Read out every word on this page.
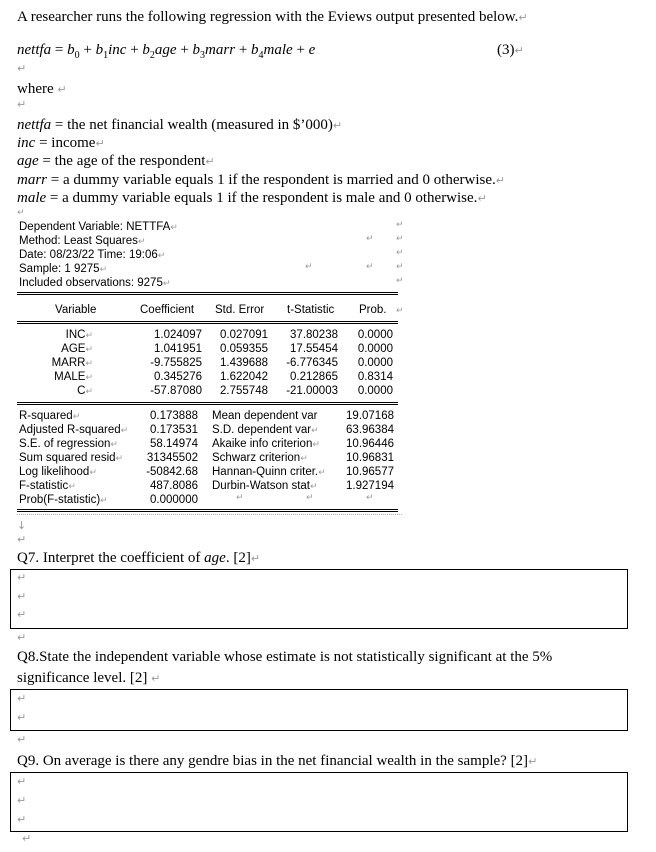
A researcher runs the following regression with the Eviews output presented below.↵
nettfa = $b_0 + b_1inc + b_2age$ + $b_3marr$ + $b_4male + e$	(3)↵
↵
where ↵
↵
nettfa = the net financial wealth (measured in $’000)↵
inc = income↵
age = the age of the respondent↵
marr = a dummy variable equals 1 if the respondent is married and 0 otherwise.↵
male = a dummy variable equals 1 if the respondent is male and 0 otherwise.↵
↵
Dependent Variable: NETTFA↵
Method: Least Squares↵
Date: 08/23/22 Time: 19:06↵
Sample: 1 9275↵
Included observations: 9275↵
↵
↵
↵
↵
↵
↵
↵
↵
Variable	Coefficient Std. Error t-Statistic Prob. ↵
INC↵	1.024097	0.027091	37.80238	0.0000
AGE↵	1.041951	0.059355	17.55454	0.0000
MARR↵	-9.755825	1.439688	-6.776345	0.0000
MALE↵	0.345276	1.622042	0.212865	0.8314
C↵	-57.87080	2.755748	-21.00003	0.0000
R-squared↵	0.173888 Mean dependent var	19.07168
Adjusted R-squared↵	0.173531 S.D. dependent var↵	63.96384
S.E. of regression↵	58.14974 Akaike info criterion↵	10.96446
Sum squared resid↵	31345502 Schwarz criterion↵	10.96831
Log likelihood↵	-50842.68 Hannan-Quinn criter.↵	10.96577
F-statistic↵	487.8086 Durbin-Watson stat↵	1.927194
Prob(F-statistic)↵	0.000000	↵	↵	↵
↓
↵
Q7. Interpret the coefficient of age. [2]↵
↵
↵
↵
↵
Q8.State the independent variable whose estimate is not statistically significant at the 5%
significance level. [2] ↵
↵
↵
↵
Q9. On average is there any gendre bias in the net financial wealth in the sample? [2]↵
↵
↵
↵
↵
